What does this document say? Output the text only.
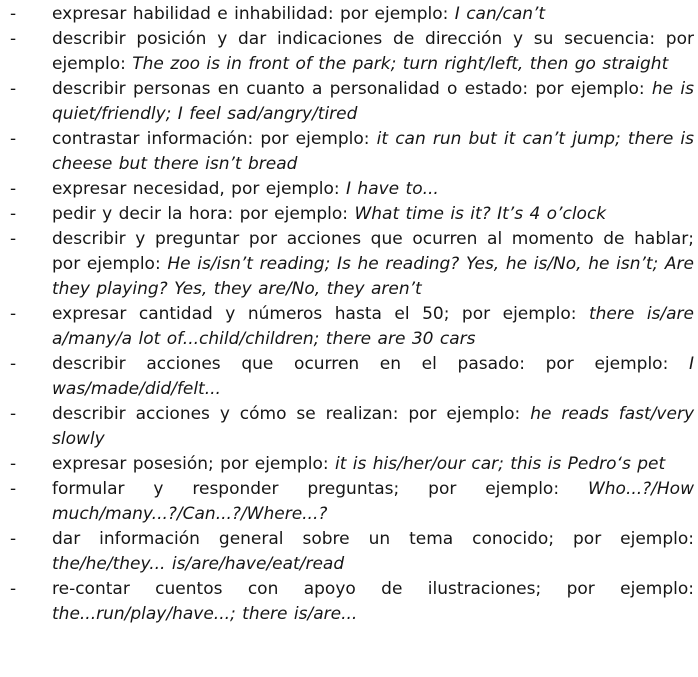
-	expresar habilidad e inhabilidad: por ejemplo: I can/can’t
-	describir posición y dar indicaciones de dirección y su secuencia: por ejemplo: The zoo is in front of the park; turn right/left, then go straight
-	describir personas en cuanto a personalidad o estado: por ejemplo: he is quiet/friendly; I feel sad/angry/tired
-	contrastar información: por ejemplo: it can run but it can’t jump; there is cheese but there isn’t bread
-	expresar necesidad, por ejemplo: I have to...
-	pedir y decir la hora: por ejemplo: What time is it? It’s 4 o’clock
-	describir y preguntar por acciones que ocurren al momento de hablar; por ejemplo: He is/isn’t reading; Is he reading? Yes, he is/No, he isn’t; Are they playing? Yes, they are/No, they aren’t
-	expresar cantidad y números hasta el 50; por ejemplo: there is/are a/many/a lot of...child/children; there are 30 cars
-	describir acciones que ocurren en el pasado: por ejemplo: I was/made/did/felt...
-	describir acciones y cómo se realizan: por ejemplo: he reads fast/very slowly
-	expresar posesión; por ejemplo: it is his/her/our car; this is Pedro‘s pet
-	formular y responder preguntas; por ejemplo: Who...?/How much/many...?/Can...?/Where...?
-	dar información general sobre un tema conocido; por ejemplo: the/he/they... is/are/have/eat/read
-	re-contar cuentos con apoyo de ilustraciones; por ejemplo: the...run/play/have...; there is/are...
